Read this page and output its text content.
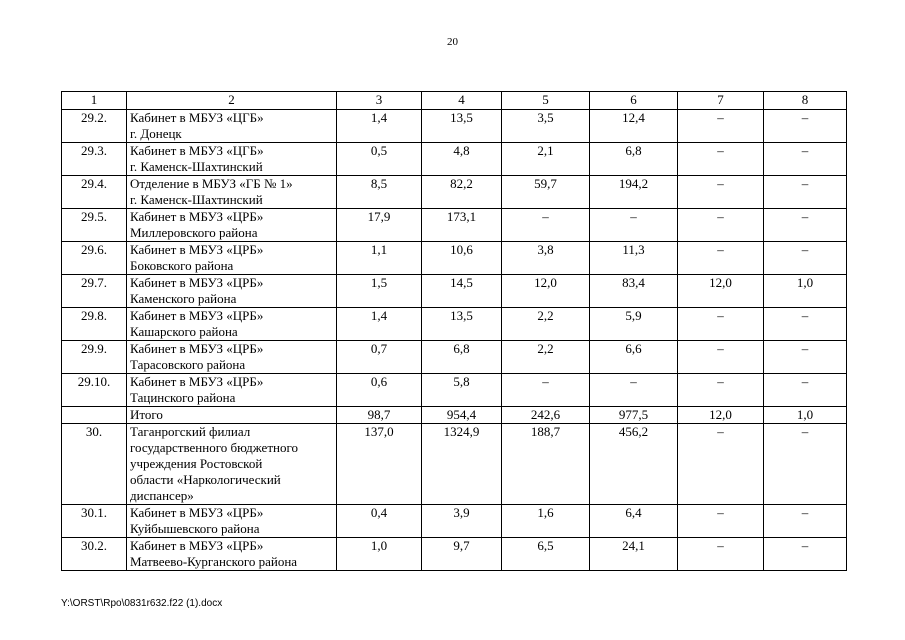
20
1	2	3	4	5	6	7	8
29.2.	Кабинет в МБУЗ «ЦГБ»
г. Донецк	1,4	13,5	3,5	12,4	–	–
29.3.	Кабинет в МБУЗ «ЦГБ»
г. Каменск-Шахтинский	0,5	4,8	2,1	6,8	–	–
29.4.	Отделение в МБУЗ «ГБ № 1»
г. Каменск-Шахтинский	8,5	82,2	59,7	194,2	–	–
29.5.	Кабинет в МБУЗ «ЦРБ»
Миллеровского района	17,9	173,1	–	–	–	–
29.6.	Кабинет в МБУЗ «ЦРБ»
Боковского района	1,1	10,6	3,8	11,3	–	–
29.7.	Кабинет в МБУЗ «ЦРБ»
Каменского района	1,5	14,5	12,0	83,4	12,0	1,0
29.8.	Кабинет в МБУЗ «ЦРБ»
Кашарского района	1,4	13,5	2,2	5,9	–	–
29.9.	Кабинет в МБУЗ «ЦРБ»
Тарасовского района	0,7	6,8	2,2	6,6	–	–
29.10.	Кабинет в МБУЗ «ЦРБ»
Тацинского района	0,6	5,8	–	–	–	–

	Итого	98,7	954,4	242,6	977,5	12,0	1,0
30.	Таганрогский филиал
государственного бюджетного
учреждения Ростовской
области «Наркологический
диспансер»	137,0	1324,9	188,7	456,2	–	–
30.1.	Кабинет в МБУЗ «ЦРБ»
Куйбышевского района	0,4	3,9	1,6	6,4	–	–
30.2.	Кабинет в МБУЗ «ЦРБ»
Матвеево-Курганского района	1,0	9,7	6,5	24,1	–	–
Y:\ORST\Rpo\0831r632.f22 (1).docx
